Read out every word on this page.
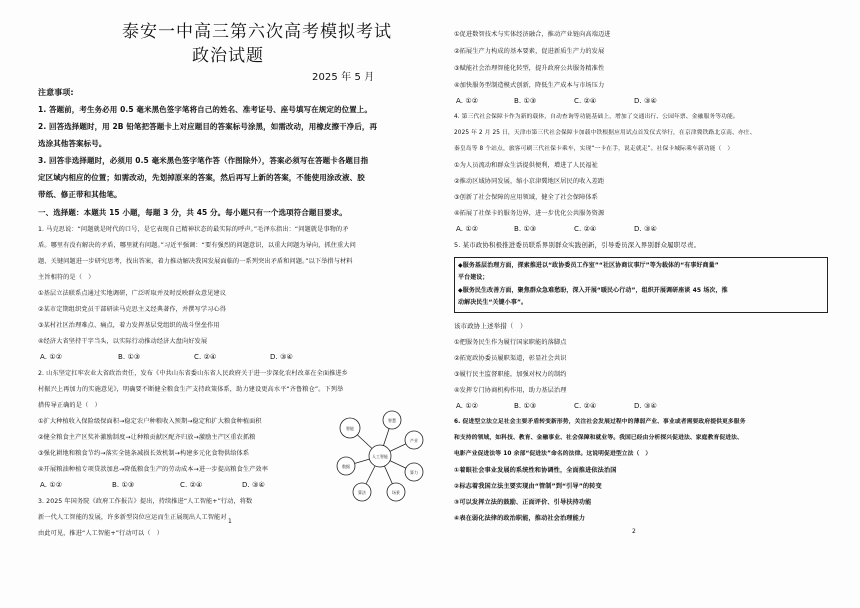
泰安一中高三第六次高考模拟考试
政治试题
2025 年 5 月
注意事项:
1. 答题前，考生务必用 0.5 毫米黑色签字笔将自己的姓名、准考证号、座号填写在规定的位置上。
2. 回答选择题时，用 2B 铅笔把答题卡上对应题目的答案标号涂黑，如需改动，用橡皮擦干净后，再
选涂其他答案标号。
3. 回答非选择题时，必须用 0.5 毫米黑色签字笔作答（作图除外），答案必须写在答题卡各题目指
定区域内相应的位置；如需改动，先划掉原来的答案，然后再写上新的答案，不能使用涂改液、胶
带纸、修正带和其他笔。
一、选择题：本题共 15 小题，每题 3 分，共 45 分。每小题只有一个选项符合题目要求。
1. 马克思说：“问题就是时代的口号，是它表现自己精神状态的最实际的呼声。”毛泽东指出：“问题就是事物的矛
盾。哪里有没有解决的矛盾，哪里就有问题。”习近平强调：“要有强烈的问题意识，以重大问题为导向，抓住重大问
题、关键问题进一步研究思考，找出答案，着力推动解决我国发展面临的一系列突出矛盾和问题。”以下举措与材料
主旨相符的是（　）
①基层立法联系点通过实地调研，广泛听取并及时反映群众意见建议
②某市定期组织党员干部研读马克思主义经典著作，并撰写学习心得
③某村社区治理难点、痛点，着力发挥基层党组织的战斗堡垒作用
④经济大省坚持干字当头，以实际行动推动经济大盘向好发展
A. ①②	B. ①③	C. ②④	D. ③④
2. 山东坚定扛牢农业大省政治责任，发布《中共山东省委山东省人民政府关于进一步深化农村改革在全面推进乡
村振兴上再加力的实施意见》，明确要不断健全粮食生产支持政策体系，助力建设更高水平“齐鲁粮仓”。下列举
措传导正确的是（　）
①扩大种植收入保险级保面积→稳定农户种粮收入预期→稳定和扩大粮食种植面积
②健全粮食主产区奖补激励制度→让种粮贡献区配齐归放→激励主产区重农抓粮
③强化耕地和粮食节约→落实全链条减损长效机制→构建多元化食物供给体系
④开展粮油种植专项贷款加息→降低粮食生产的劳动成本→进一步提高粮食生产效率
A. ①②	B. ①③	C. ②④	D. ③④
3. 2025 年国务院《政府工作报告》提出，持续推进“人工智能+”行动，将数
新一代人工智能的发展，许多新型岗位应运而生正展现出人工智能对
由此可见，推进“人工智能+”行动可以（　）
人工智能
智能
智慧
产业
数据
算力
算法	场景
1
①促进数智技术与实体经济融合，推动产业链向高端迈进
②拓展生产力构成的基本要素，促进新质生产力的发展
③赋能社会治理智能化转型，提升政府公共服务精准性
④加快服务型制造模式创新，降低生产成本与市场压力
A. ①②	B. ①③	C. ②④	D. ③④
4. 第三代社会保障卡作为新的载体，自动查询等功能基础上，增加了交通出行、公园年票、金融服务等功能。
2025 年 2 月 25 日，天津市第三代社会保障卡加载中铁根据应用试点首发仪式举行，在京津冀铁路北京南、亦庄、
秦皇岛等 8 个站点，旅客可刷三代社保卡乘车，实现“一卡在手，说走就走”。社保卡城际乘车新功能（　）
①为人员流动和群众生活提供便利，增进了人民福祉
②推动区域协同发展，缩小京津冀地区居民的收入差距
③创新了社会保障的应用领域，健全了社会保障体系
④拓展了社保卡的服务边界，进一步优化公共服务资源
A. ①②	B. ①③	C. ②④	D. ③④
5. 某市政协积极推进委员联系界别群众实践创新，引导委员深入界别群众履职尽责。
◆服务基层治理方面，探索推进以“政协委员工作室”“社区协商议事厅”等为载体的“有事好商量”
平台建设；
◆服务民生改善方面，聚焦群众急难愁盼，深入开展“暖民心行动”，组织开展调研座谈 45 场次，推
动解决民生“关键小事”。
该市政协上述举措（　）
①把服务民生作为履行国家职能的落脚点
②拓宽政协委员履职渠道，彰显社会共识
③履行民主监督职能，加强对权力的制约
④发挥专门协商机构作用，助力基层治理
A. ①②	B. ①③	C. ②④	D. ③④
6. 促进型立法立足社会主要矛盾转变新形势，关注社会发展过程中的薄弱产业、事业或者需要政府提供更多服务
和支持的领域，如科技、教育、金融事业、社会保障和就业等。我国已经由分析探兴促进法、家庭教育促进法、
电影产业促进法等 10 余部“促进法”命名的法律。这说明促进型立法（　）
①着眼社会事业发展的系统性和协调性，全面推进依法治国
②标志着我国立法主要实现由“管制”到“引导”的转变
③可以发挥立法的鼓励、正面评价、引导扶持功能
④表在弱化法律的政治职能，推动社会治理能力
2
